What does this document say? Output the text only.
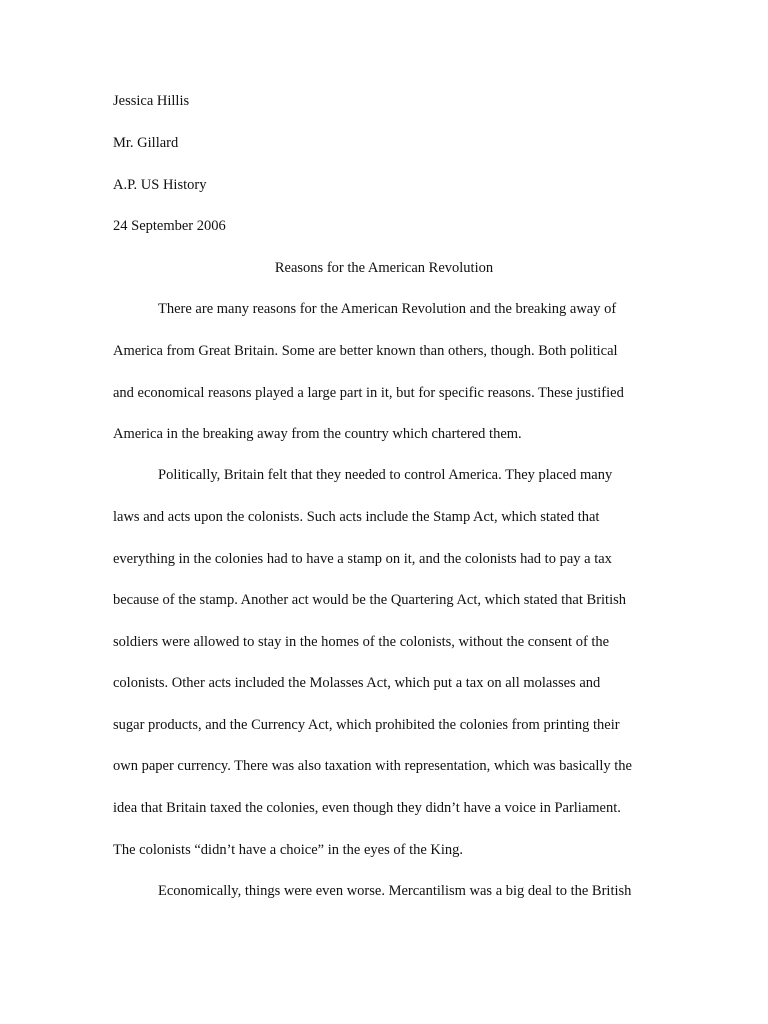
Jessica Hillis

Mr. Gillard

A.P. US History

24 September 2006

Reasons for the American Revolution

There are many reasons for the American Revolution and the breaking away of

America from Great Britain. Some are better known than others, though. Both political

and economical reasons played a large part in it, but for specific reasons. These justified

America in the breaking away from the country which chartered them.

Politically, Britain felt that they needed to control America. They placed many

laws and acts upon the colonists. Such acts include the Stamp Act, which stated that

everything in the colonies had to have a stamp on it, and the colonists had to pay a tax

because of the stamp. Another act would be the Quartering Act, which stated that British

soldiers were allowed to stay in the homes of the colonists, without the consent of the

colonists. Other acts included the Molasses Act, which put a tax on all molasses and

sugar products, and the Currency Act, which prohibited the colonies from printing their

own paper currency. There was also taxation with representation, which was basically the

idea that Britain taxed the colonies, even though they didn’t have a voice in Parliament.

The colonists “didn’t have a choice” in the eyes of the King.

Economically, things were even worse. Mercantilism was a big deal to the British
